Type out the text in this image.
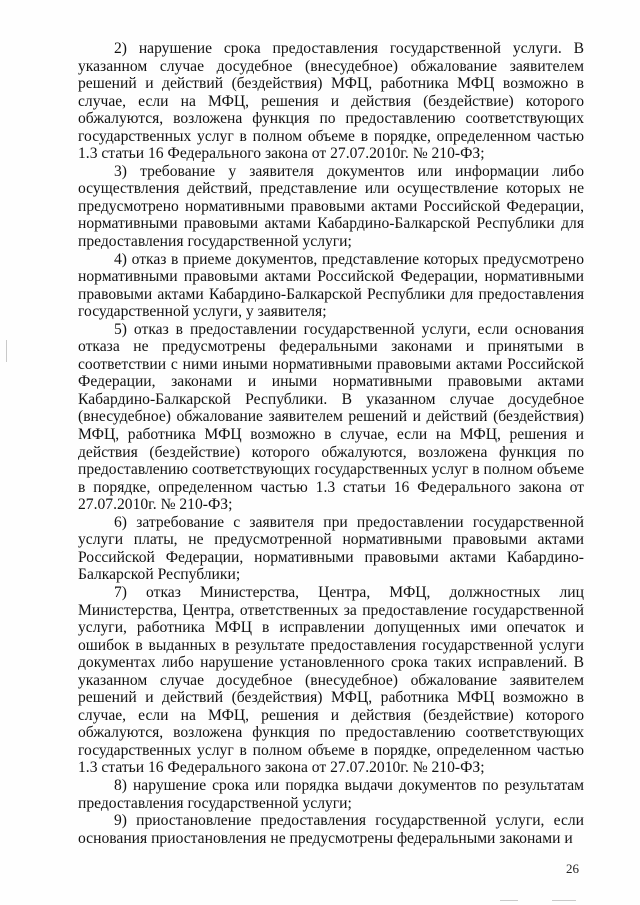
2) нарушение срока предоставления государственной услуги. В указанном случае досудебное (внесудебное) обжалование заявителем решений и действий (бездействия) МФЦ, работника МФЦ возможно в случае, если на МФЦ, решения и действия (бездействие) которого обжалуются, возложена функция по предоставлению соответствующих государственных услуг в полном объеме в порядке, определенном частью 1.3 статьи 16 Федерального закона от 27.07.2010г. № 210-ФЗ;

3) требование у заявителя документов или информации либо осуществления действий, представление или осуществление которых не предусмотрено нормативными правовыми актами Российской Федерации, нормативными правовыми актами Кабардино-Балкарской Республики для предоставления государственной услуги;

4) отказ в приеме документов, представление которых предусмотрено нормативными правовыми актами Российской Федерации, нормативными правовыми актами Кабардино-Балкарской Республики для предоставления государственной услуги, у заявителя;

5) отказ в предоставлении государственной услуги, если основания отказа не предусмотрены федеральными законами и принятыми в соответствии с ними иными нормативными правовыми актами Российской Федерации, законами и иными нормативными правовыми актами Кабардино-Балкарской Республики. В указанном случае досудебное (внесудебное) обжалование заявителем решений и действий (бездействия) МФЦ, работника МФЦ возможно в случае, если на МФЦ, решения и действия (бездействие) которого обжалуются, возложена функция по предоставлению соответствующих государственных услуг в полном объеме в порядке, определенном частью 1.3 статьи 16 Федерального закона от 27.07.2010г. № 210-ФЗ;

6) затребование с заявителя при предоставлении государственной услуги платы, не предусмотренной нормативными правовыми актами Российской Федерации, нормативными правовыми актами Кабардино-Балкарской Республики;

7) отказ Министерства, Центра, МФЦ, должностных лиц Министерства, Центра, ответственных за предоставление государственной услуги, работника МФЦ в исправлении допущенных ими опечаток и ошибок в выданных в результате предоставления государственной услуги документах либо нарушение установленного срока таких исправлений. В указанном случае досудебное (внесудебное) обжалование заявителем решений и действий (бездействия) МФЦ, работника МФЦ возможно в случае, если на МФЦ, решения и действия (бездействие) которого обжалуются, возложена функция по предоставлению соответствующих государственных услуг в полном объеме в порядке, определенном частью 1.3 статьи 16 Федерального закона от 27.07.2010г. № 210-ФЗ;

8) нарушение срока или порядка выдачи документов по результатам предоставления государственной услуги;

9) приостановление предоставления государственной услуги, если основания приостановления не предусмотрены федеральными законами и

26
